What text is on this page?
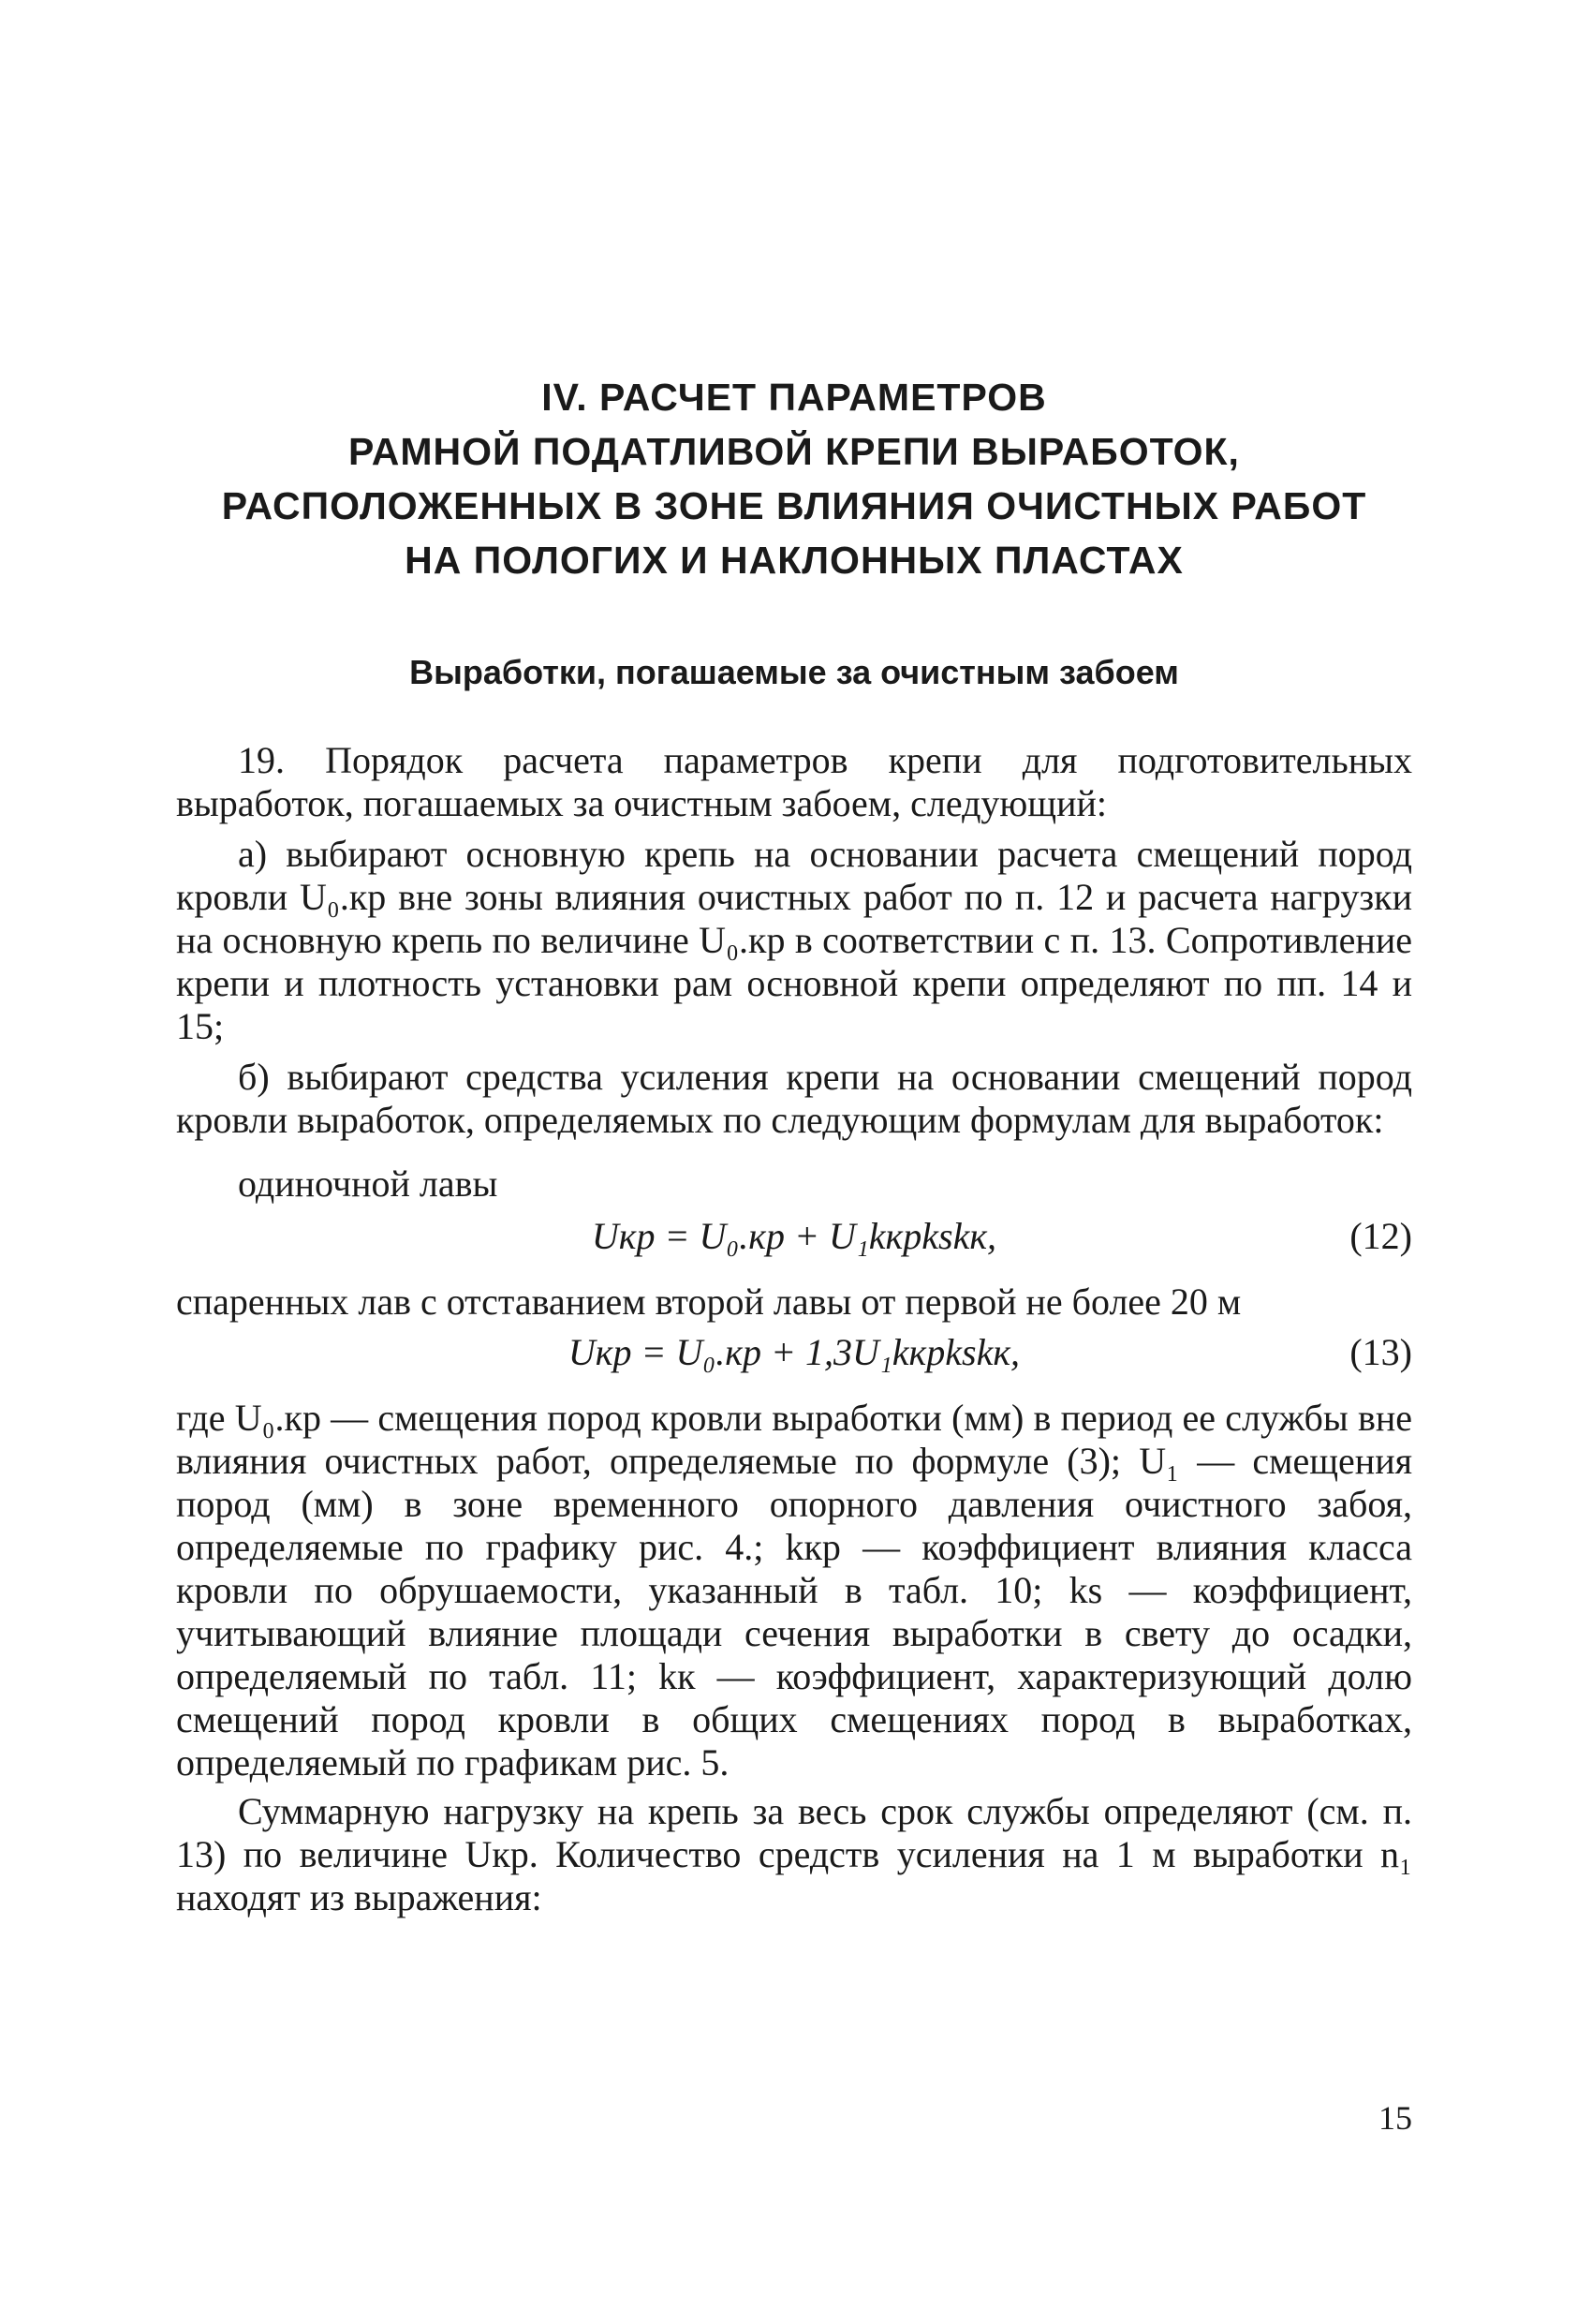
IV. РАСЧЕТ ПАРАМЕТРОВ
РАМНОЙ ПОДАТЛИВОЙ КРЕПИ ВЫРАБОТОК,
РАСПОЛОЖЕННЫХ В ЗОНЕ ВЛИЯНИЯ ОЧИСТНЫХ РАБОТ
НА ПОЛОГИХ И НАКЛОННЫХ ПЛАСТАХ
Выработки, погашаемые за очистным забоем

19. Порядок расчета параметров крепи для подготовительных выработок, погашаемых за очистным забоем, следующий:

а) выбирают основную крепь на основании расчета смещений пород кровли U₀.кр вне зоны влияния очистных работ по п. 12 и расчета нагрузки на основную крепь по величине U₀.кр в соответствии с п. 13. Сопротивление крепи и плотность установки рам основной крепи определяют по пп. 14 и 15;

б) выбирают средства усиления крепи на основании смещений пород кровли выработок, определяемых по следующим формулам для выработок:

одиночной лавы
Uкр = U₀.кр + U₁kкрkskк,	(12)

спаренных лав с отставанием второй лавы от первой не более 20 м

Uкр = U₀.кр + 1,3U₁kкрkskк,	(13)

где U₀.кр — смещения пород кровли выработки (мм) в период ее службы вне влияния очистных работ, определяемые по формуле (3); U₁ — смещения пород (мм) в зоне временного опорного давления очистного забоя, определяемые по графику рис. 4.; kкр — коэффициент влияния класса кровли по обрушаемости, указанный в табл. 10; ks — коэффициент, учитывающий влияние площади сечения выработки в свету до осадки, определяемый по табл. 11; kк — коэффициент, характеризующий долю смещений пород кровли в общих смещениях пород в выработках, определяемый по графикам рис. 5.

Суммарную нагрузку на крепь за весь срок службы определяют (см. п. 13) по величине Uкр. Количество средств усиления на 1 м выработки n₁ находят из выражения:

15
